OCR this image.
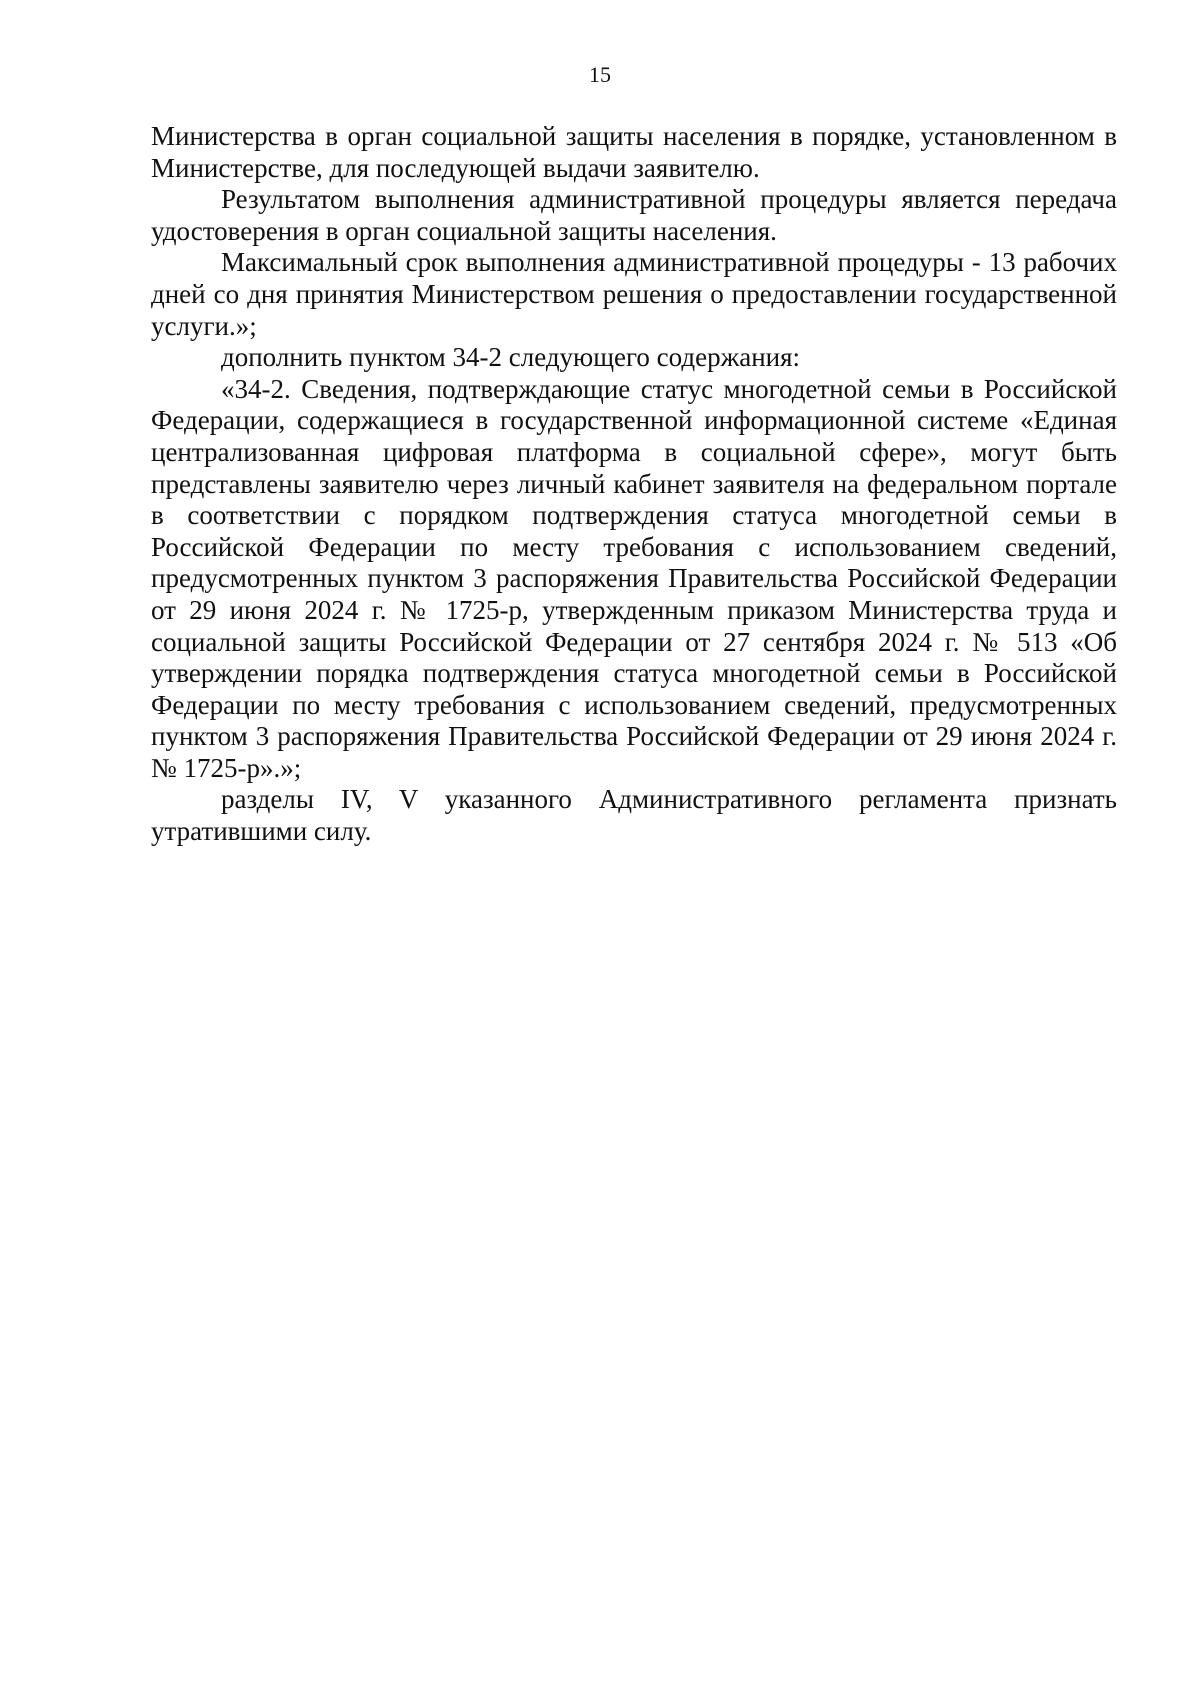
15

Министерства в орган социальной защиты населения в порядке, установленном в Министерстве, для последующей выдачи заявителю.

Результатом выполнения административной процедуры является передача удостоверения в орган социальной защиты населения.

Максимальный срок выполнения административной процедуры - 13 рабочих дней со дня принятия Министерством решения о предоставлении государственной услуги.»;

дополнить пунктом 34-2 следующего содержания:

«34-2. Сведения, подтверждающие статус многодетной семьи в Российской Федерации, содержащиеся в государственной информационной системе «Единая централизованная цифровая платформа в социальной сфере», могут быть представлены заявителю через личный кабинет заявителя на федеральном портале в соответствии с порядком подтверждения статуса многодетной семьи в Российской Федерации по месту требования с использованием сведений, предусмотренных пунктом 3 распоряжения Правительства Российской Федерации от 29 июня 2024 г. № 1725-р, утвержденным приказом Министерства труда и социальной защиты Российской Федерации от 27 сентября 2024 г. № 513 «Об утверждении порядка подтверждения статуса многодетной семьи в Российской Федерации по месту требования с использованием сведений, предусмотренных пунктом 3 распоряжения Правительства Российской Федерации от 29 июня 2024 г. № 1725-р».»;

разделы IV, V указанного Административного регламента признать утратившими силу.
